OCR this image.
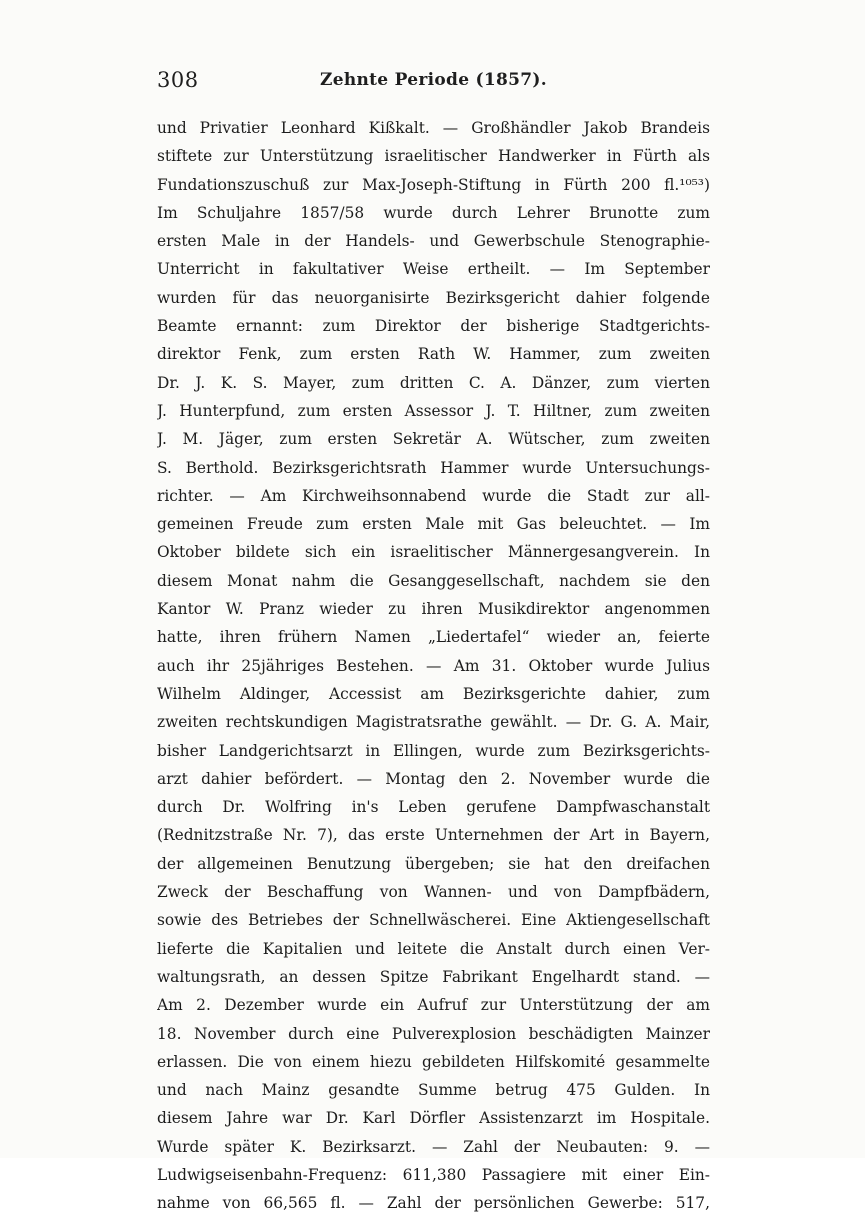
308	Zehnte Periode (1857).
und Privatier Leonhard Kißkalt. — Großhändler Jakob Brandeis
stiftete zur Unterstützung israelitischer Handwerker in Fürth als
Fundationszuschuß zur Max-Joseph-Stiftung in Fürth 200 fl.¹⁰⁵³)
Im Schuljahre 1857/58 wurde durch Lehrer Brunotte zum
ersten Male in der Handels- und Gewerbschule Stenographie-
Unterricht in fakultativer Weise ertheilt. — Im September
wurden für das neuorganisirte Bezirksgericht dahier folgende
Beamte ernannt: zum Direktor der bisherige Stadtgerichts-
direktor Fenk, zum ersten Rath W. Hammer, zum zweiten
Dr. J. K. S. Mayer, zum dritten C. A. Dänzer, zum vierten
J. Hunterpfund, zum ersten Assessor J. T. Hiltner, zum zweiten
J. M. Jäger, zum ersten Sekretär A. Wütscher, zum zweiten
S. Berthold. Bezirksgerichtsrath Hammer wurde Untersuchungs-
richter. — Am Kirchweihsonnabend wurde die Stadt zur all-
gemeinen Freude zum ersten Male mit Gas beleuchtet. — Im
Oktober bildete sich ein israelitischer Männergesangverein. In
diesem Monat nahm die Gesanggesellschaft, nachdem sie den
Kantor W. Pranz wieder zu ihren Musikdirektor angenommen
hatte, ihren frühern Namen „Liedertafel“ wieder an, feierte
auch ihr 25jähriges Bestehen. — Am 31. Oktober wurde Julius
Wilhelm Aldinger, Accessist am Bezirksgerichte dahier, zum
zweiten rechtskundigen Magistratsrathe gewählt. — Dr. G. A. Mair,
bisher Landgerichtsarzt in Ellingen, wurde zum Bezirksgerichts-
arzt dahier befördert. — Montag den 2. November wurde die
durch Dr. Wolfring in's Leben gerufene Dampfwaschanstalt
(Rednitzstraße Nr. 7), das erste Unternehmen der Art in Bayern,
der allgemeinen Benutzung übergeben; sie hat den dreifachen
Zweck der Beschaffung von Wannen- und von Dampfbädern,
sowie des Betriebes der Schnellwäscherei. Eine Aktiengesellschaft
lieferte die Kapitalien und leitete die Anstalt durch einen Ver-
waltungsrath, an dessen Spitze Fabrikant Engelhardt stand. —
Am 2. Dezember wurde ein Aufruf zur Unterstützung der am
18. November durch eine Pulverexplosion beschädigten Mainzer
erlassen. Die von einem hiezu gebildeten Hilfskomité gesammelte
und nach Mainz gesandte Summe betrug 475 Gulden. In
diesem Jahre war Dr. Karl Dörfler Assistenzarzt im Hospitale.
Wurde später K. Bezirksarzt. — Zahl der Neubauten: 9. —
Ludwigseisenbahn-Frequenz: 611,380 Passagiere mit einer Ein-
nahme von 66,565 fl. — Zahl der persönlichen Gewerbe: 517,
